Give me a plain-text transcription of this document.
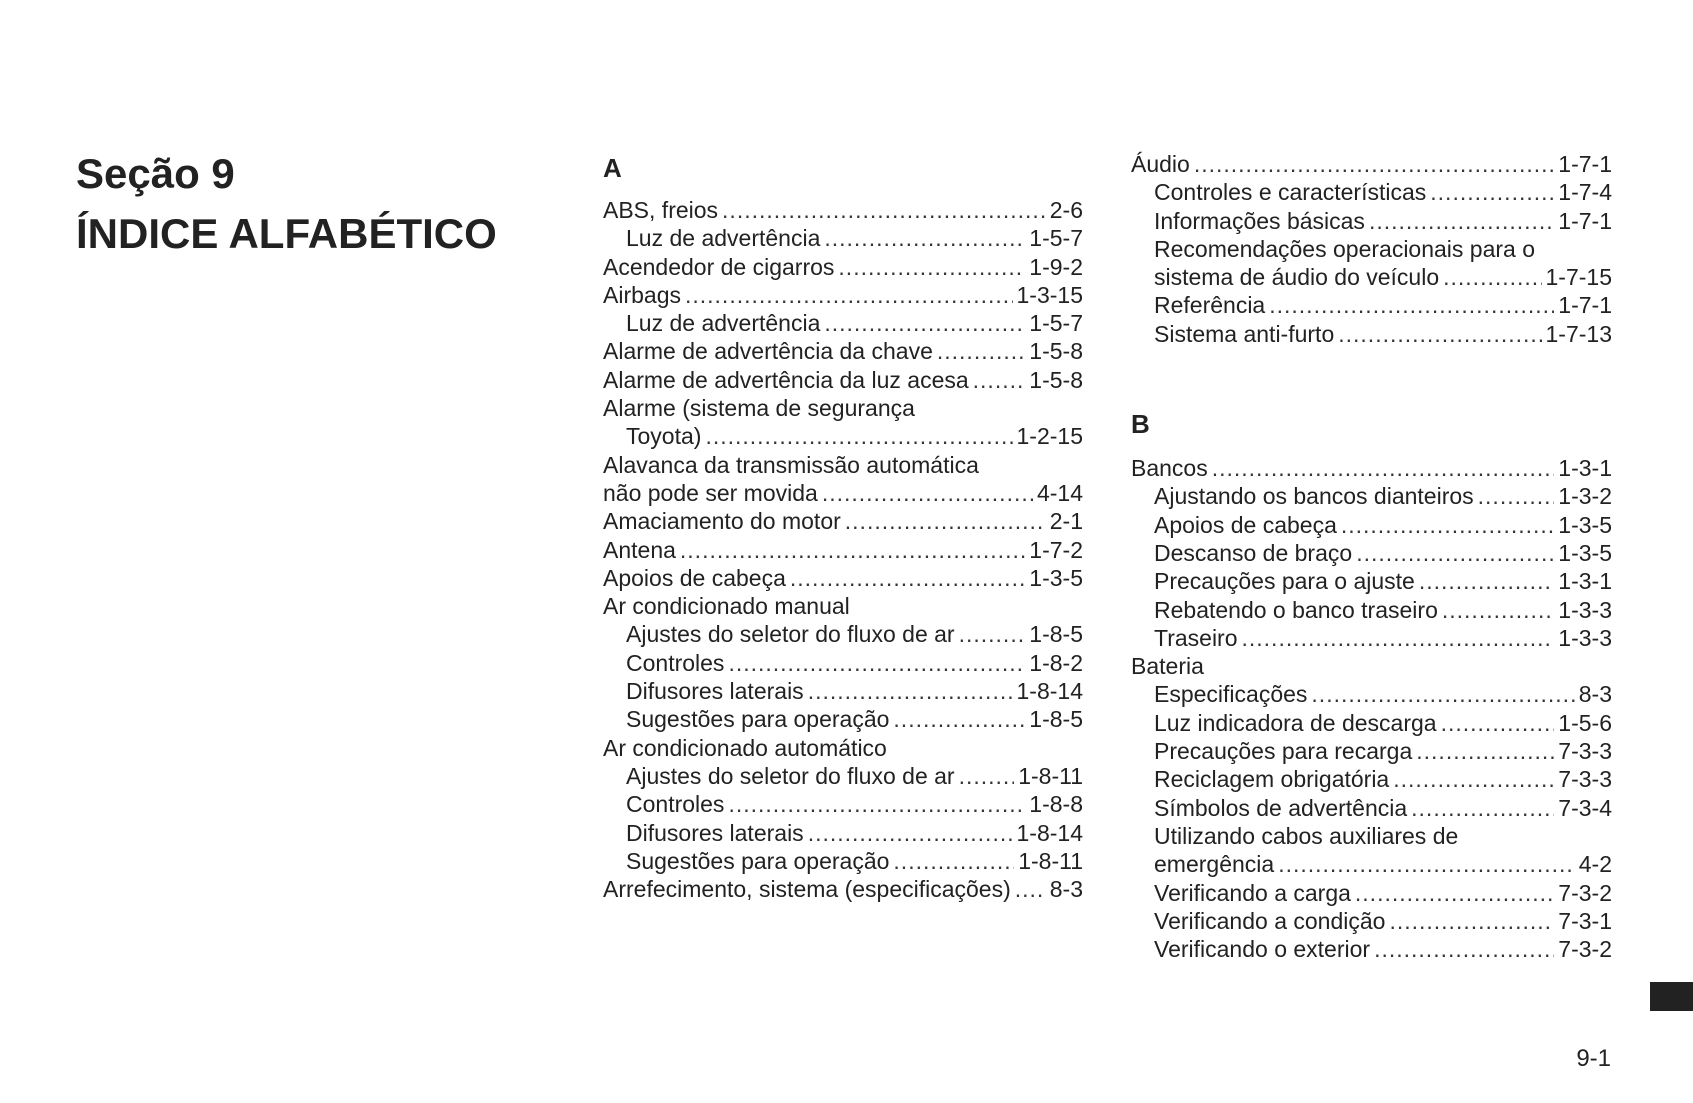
Seção 9
ÍNDICE ALFABÉTICO
A
ABS, freios .....	2-6
Luz de advertência .....	1-5-7
Acendedor de cigarros .....	1-9-2
Airbags .....	1-3-15
Luz de advertência .....	1-5-7
Alarme de advertência da chave .....	1-5-8
Alarme de advertência da luz acesa .....	1-5-8
Alarme (sistema de segurança
Toyota) .....	1-2-15
Alavanca da transmissão automática
não pode ser movida .....	4-14
Amaciamento do motor .....	2-1
Antena .....	1-7-2
Apoios de cabeça .....	1-3-5
Ar condicionado manual
Ajustes do seletor do fluxo de ar .....	1-8-5
Controles .....	1-8-2
Difusores laterais .....	1-8-14
Sugestões para operação .....	1-8-5
Ar condicionado automático
Ajustes do seletor do fluxo de ar .....	1-8-11
Controles .....	1-8-8
Difusores laterais .....	1-8-14
Sugestões para operação .....	1-8-11
Arrefecimento, sistema (especificações) ..... 8-3
Áudio .....	1-7-1
Controles e características .....	1-7-4
Informações básicas .....	1-7-1
Recomendações operacionais para o
sistema de áudio do veículo .....	1-7-15
Referência .....	1-7-1
Sistema anti-furto .....	1-7-13
B
Bancos .....	1-3-1
Ajustando os bancos dianteiros .....	1-3-2
Apoios de cabeça .....	1-3-5
Descanso de braço .....	1-3-5
Precauções para o ajuste .....	1-3-1
Rebatendo o banco traseiro .....	1-3-3
Traseiro .....	1-3-3
Bateria
Especificações .....	8-3
Luz indicadora de descarga .....	1-5-6
Precauções para recarga .....	7-3-3
Reciclagem obrigatória .....	7-3-3
Símbolos de advertência .....	7-3-4
Utilizando cabos auxiliares de
emergência .....	4-2
Verificando a carga .....	7-3-2
Verificando a condição .....	7-3-1
Verificando o exterior .....	7-3-2
9-1
